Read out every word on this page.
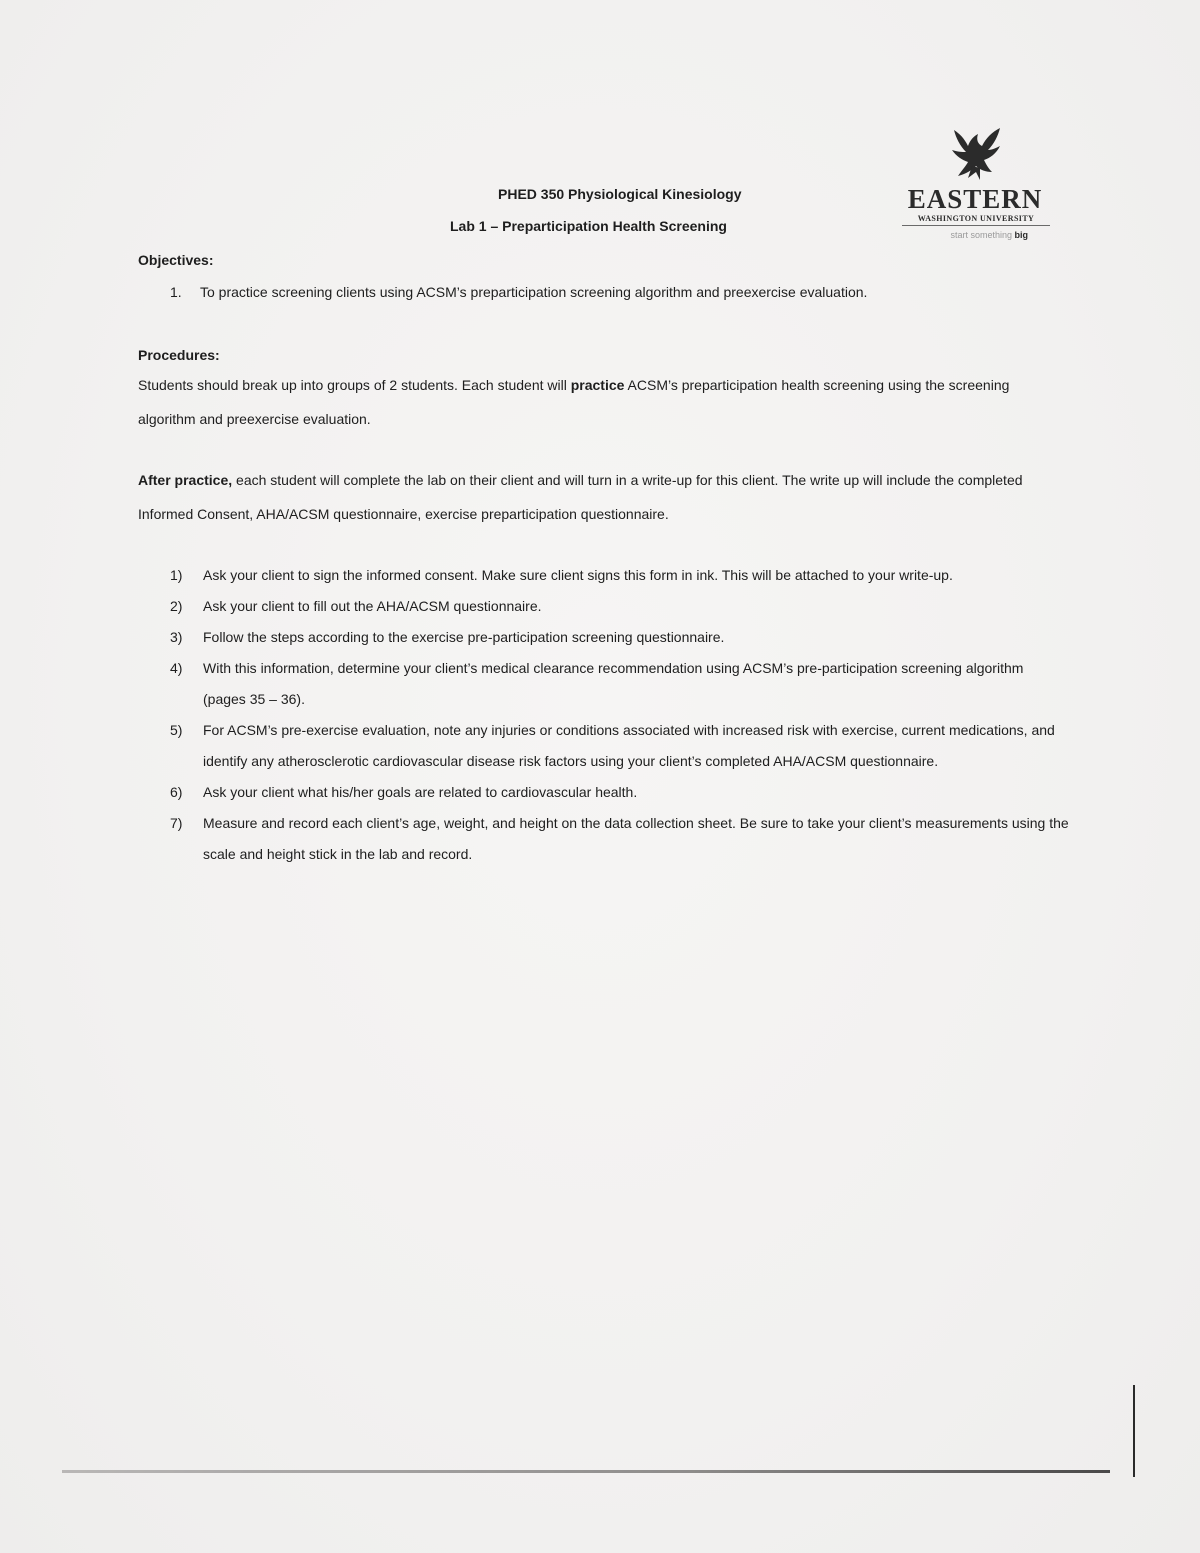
EASTERN
WASHINGTON UNIVERSITY
start something big
PHED 350 Physiological Kinesiology
Lab 1 – Preparticipation Health Screening
Objectives:
1. To practice screening clients using ACSM’s preparticipation screening algorithm and preexercise evaluation.
Procedures:
Students should break up into groups of 2 students. Each student will practice ACSM’s preparticipation health screening using the screening algorithm and preexercise evaluation.
After practice, each student will complete the lab on their client and will turn in a write-up for this client. The write up will include the completed Informed Consent, AHA/ACSM questionnaire, exercise preparticipation questionnaire.
1) Ask your client to sign the informed consent. Make sure client signs this form in ink. This will be attached to your write-up.
2) Ask your client to fill out the AHA/ACSM questionnaire.
3) Follow the steps according to the exercise pre-participation screening questionnaire.
4) With this information, determine your client’s medical clearance recommendation using ACSM’s pre-participation screening algorithm (pages 35 – 36).
5) For ACSM’s pre-exercise evaluation, note any injuries or conditions associated with increased risk with exercise, current medications, and identify any atherosclerotic cardiovascular disease risk factors using your client’s completed AHA/ACSM questionnaire.
6) Ask your client what his/her goals are related to cardiovascular health.
7) Measure and record each client’s age, weight, and height on the data collection sheet. Be sure to take your client’s measurements using the scale and height stick in the lab and record.
